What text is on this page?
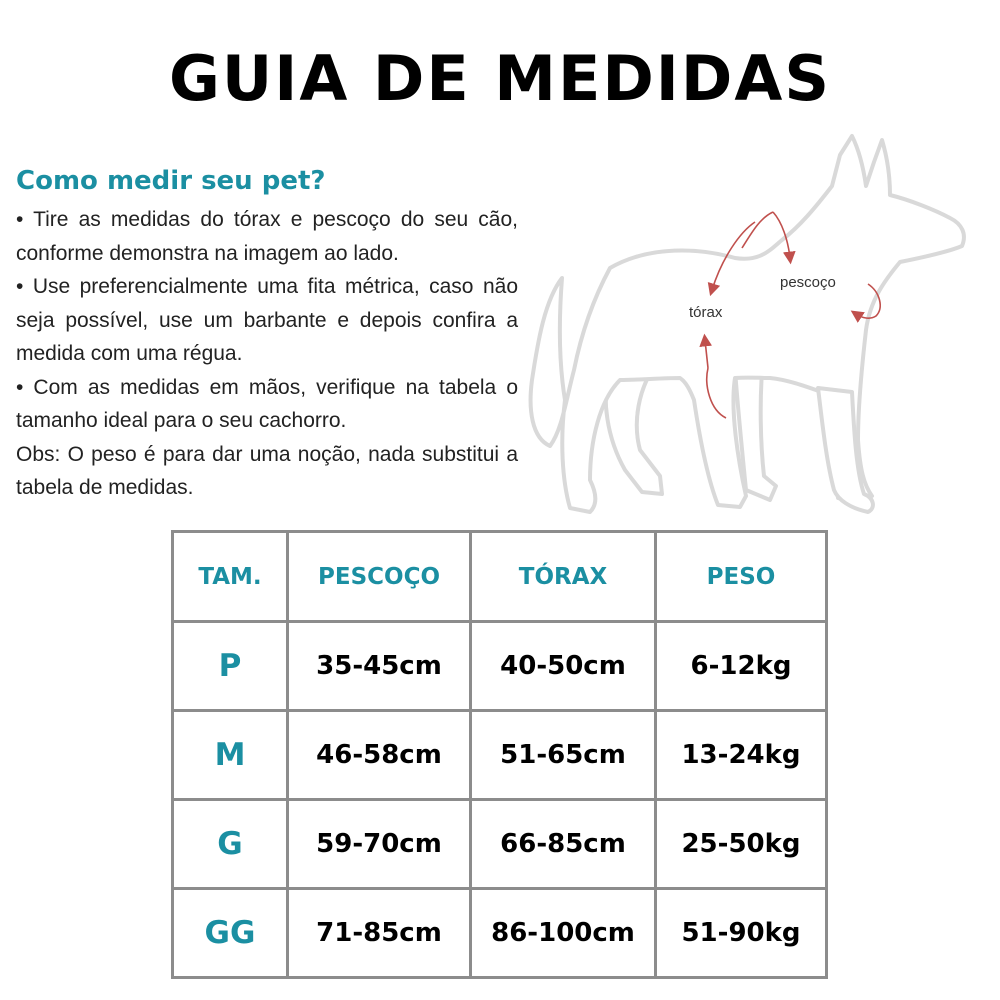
GUIA DE MEDIDAS
Como medir seu pet?

• Tire as medidas do tórax e pescoço do seu cão, conforme demonstra na imagem ao lado.

• Use preferencialmente uma fita métrica, caso não seja possível, use um barbante e depois confira a medida com uma régua.

• Com as medidas em mãos, verifique na tabela o tamanho ideal para o seu cachorro.

Obs: O peso é para dar uma noção, nada substitui a tabela de medidas.

pescoço
tórax
TAM.	PESCOÇO	TÓRAX	PESO
P	35-45cm	40-50cm	6-12kg
M	46-58cm	51-65cm	13-24kg
G	59-70cm	66-85cm	25-50kg
GG	71-85cm	86-100cm	51-90kg
